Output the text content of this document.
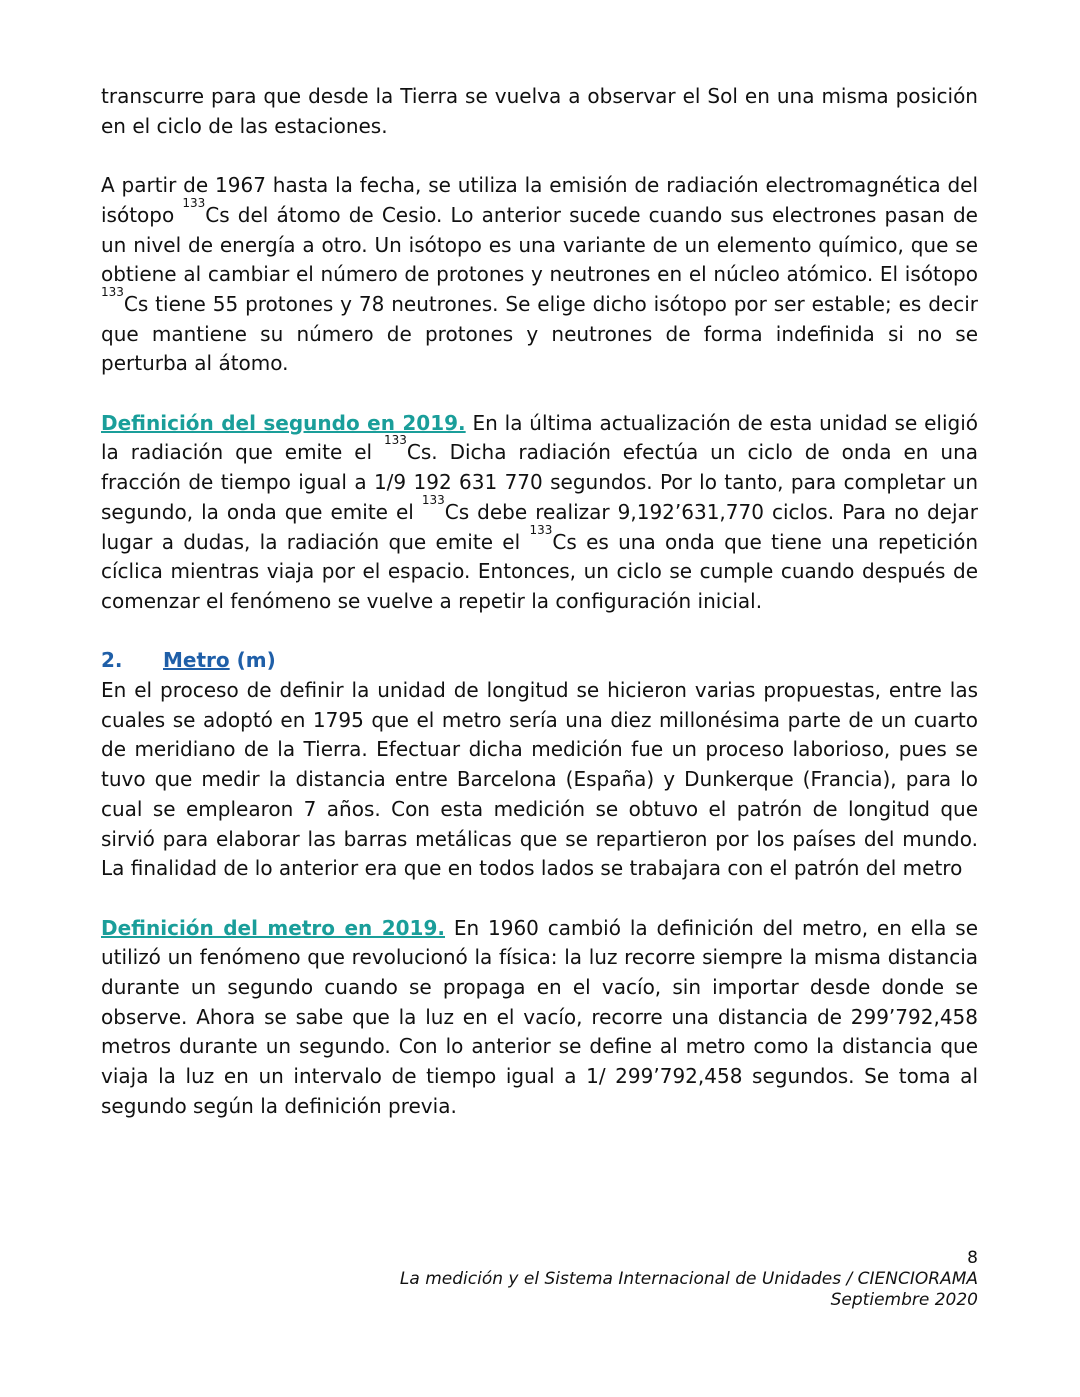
transcurre para que desde la Tierra se vuelva a observar el Sol en una misma posición en el ciclo de las estaciones.

A partir de 1967 hasta la fecha, se utiliza la emisión de radiación electromagnética del isótopo $^{133}$Cs del átomo de Cesio. Lo anterior sucede cuando sus electrones pasan de un nivel de energía a otro. Un isótopo es una variante de un elemento químico, que se obtiene al cambiar el número de protones y neutrones en el núcleo atómico. El isótopo $^{133}$Cs tiene 55 protones y 78 neutrones. Se elige dicho isótopo por ser estable; es decir que mantiene su número de protones y neutrones de forma indefinida si no se perturba al átomo.

Definición del segundo en 2019. En la última actualización de esta unidad se eligió la radiación que emite el $^{133}$Cs. Dicha radiación efectúa un ciclo de onda en una fracción de tiempo igual a 1/9 192 631 770 segundos. Por lo tanto, para completar un segundo, la onda que emite el $^{133}$Cs debe realizar 9,192’631,770 ciclos. Para no dejar lugar a dudas, la radiación que emite el $^{133}$Cs es una onda que tiene una repetición cíclica mientras viaja por el espacio. Entonces, un ciclo se cumple cuando después de comenzar el fenómeno se vuelve a repetir la configuración inicial.

2. Metro (m)

En el proceso de definir la unidad de longitud se hicieron varias propuestas, entre las cuales se adoptó en 1795 que el metro sería una diez millonésima parte de un cuarto de meridiano de la Tierra. Efectuar dicha medición fue un proceso laborioso, pues se tuvo que medir la distancia entre Barcelona (España) y Dunkerque (Francia), para lo cual se emplearon 7 años. Con esta medición se obtuvo el patrón de longitud que sirvió para elaborar las barras metálicas que se repartieron por los países del mundo. La finalidad de lo anterior era que en todos lados se trabajara con el patrón del metro

Definición del metro en 2019. En 1960 cambió la definición del metro, en ella se utilizó un fenómeno que revolucionó la física: la luz recorre siempre la misma distancia durante un segundo cuando se propaga en el vacío, sin importar desde donde se observe. Ahora se sabe que la luz en el vacío, recorre una distancia de 299’792,458 metros durante un segundo. Con lo anterior se define al metro como la distancia que viaja la luz en un intervalo de tiempo igual a 1/ 299’792,458 segundos. Se toma al segundo según la definición previa.

8
La medición y el Sistema Internacional de Unidades / CIENCIORAMA
Septiembre 2020
